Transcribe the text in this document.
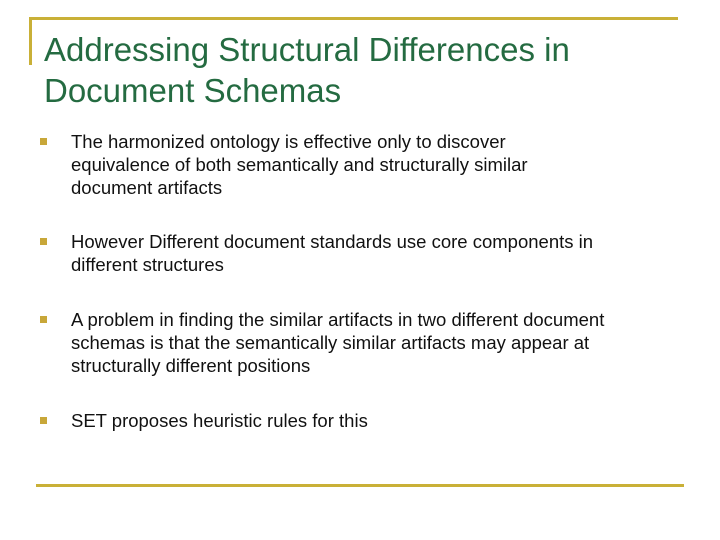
Addressing Structural Differences in
Document Schemas
The harmonized ontology is effective only to discover
equivalence of both semantically and structurally similar
document artifacts
However Different document standards use core components in
different structures
A problem in finding the similar artifacts in two different document
schemas is that the semantically similar artifacts may appear at
structurally different positions
SET proposes heuristic rules for this
